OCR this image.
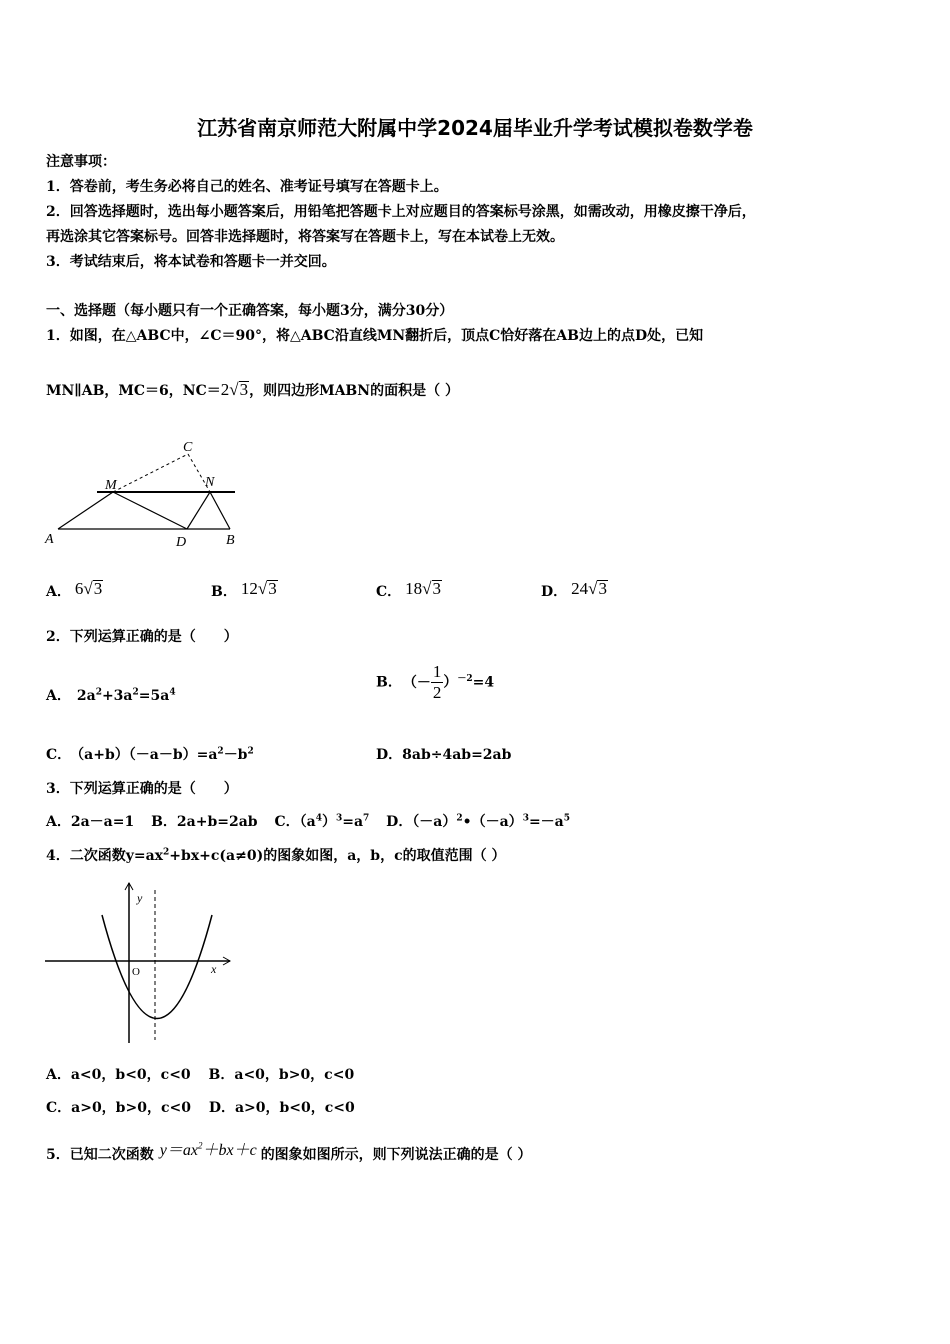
江苏省南京师范大附属中学2024届毕业升学考试模拟卷数学卷
注意事项：
1．答卷前，考生务必将自己的姓名、准考证号填写在答题卡上。
2．回答选择题时，选出每小题答案后，用铅笔把答题卡上对应题目的答案标号涂黑，如需改动，用橡皮擦干净后，
再选涂其它答案标号。回答非选择题时，将答案写在答题卡上，写在本试卷上无效。
3．考试结束后，将本试卷和答题卡一并交回。
一、选择题（每小题只有一个正确答案，每小题3分，满分30分）
1．如图，在△ABC中，∠C＝90°，将△ABC沿直线MN翻折后，顶点C恰好落在AB边上的点D处，已知
MN∥AB，MC＝6，NC＝2√3，则四边形MABN的面积是（ ）
C
M	N
A	D	B
A． 6√3	B． 12√3	C． 18√3	D． 24√3
2．下列运算正确的是（　　）
A． $2a^2+3a^2=5a^4$
B． （－ $\frac{1}{2} )^{-2}=4$
C． $(a+b)(-a-b)=a^2-b^2$	D．8ab÷4ab=2ab
3．下列运算正确的是（　　）
A．2a－a=1 B．2a+b=2ab C．$(a^4)^3=a^7$ D．$(-a)^2•(-a)^3=-a^5$
4．二次函数$y=ax^2+bx+c(a\ne 0)$的图象如图，a，b，c的取值范围（ ）
y
x
O
A．a<0，b<0，c<0 B．a<0，b>0，c<0
C．a>0，b>0，c<0 D．a>0，b<0，c<0
5．已知二次函数 $y=ax^2+bx+c$ 的图象如图所示，则下列说法正确的是（ ）
